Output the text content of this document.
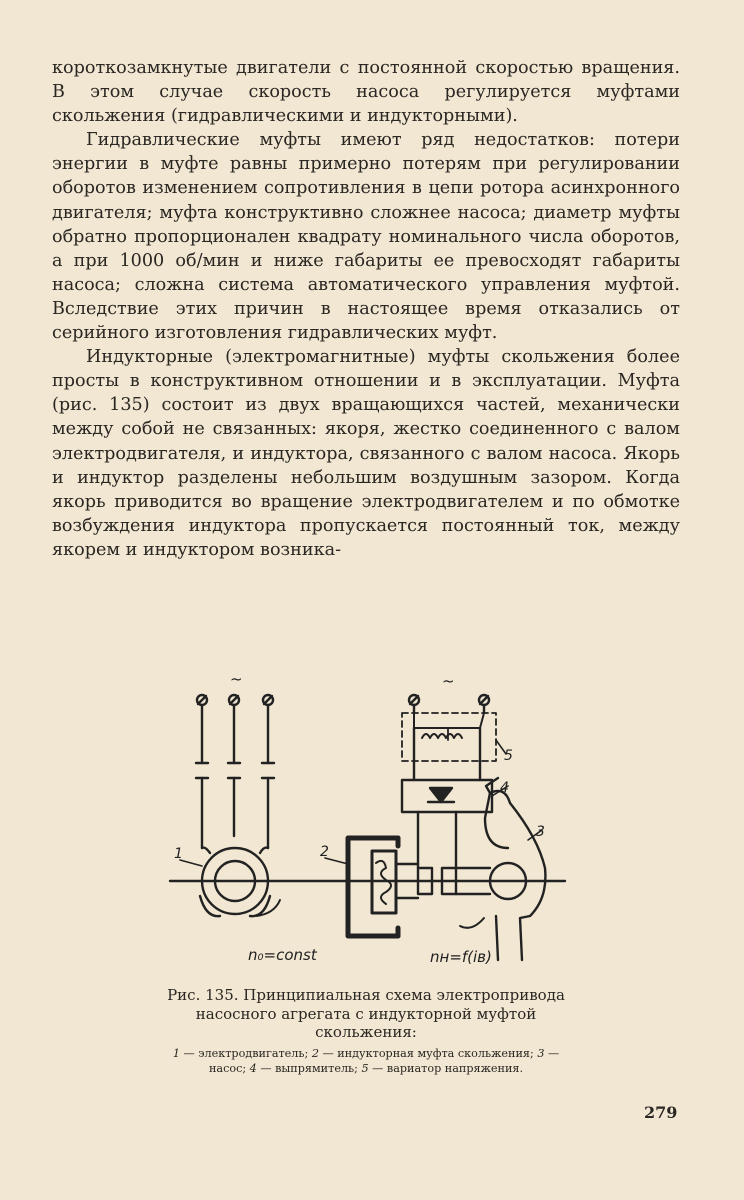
короткозамкнутые двигатели с постоянной скоростью вращения. В этом случае скорость насоса регулируется муфтами скольжения (гидравлическими и индукторными).

Гидравлические муфты имеют ряд недостатков: потери энергии в муфте равны примерно потерям при регулировании оборотов изменением сопротивления в цепи ротора асинхронного двигателя; муфта конструктивно сложнее насоса; диаметр муфты обратно пропорционален квадрату номинального числа оборотов, а при 1000 об/мин и ниже габариты ее превосходят габариты насоса; сложна система автоматического управления муфтой. Вследствие этих причин в настоящее время отказались от серийного изготовления гидравлических муфт.

Индукторные (электромагнитные) муфты скольжения более просты в конструктивном отношении и в эксплуатации. Муфта (рис. 135) состоит из двух вращающихся частей, механически между собой не связанных: якоря, жестко соединенного с валом электродвигателя, и индуктора, связанного с валом насоса. Якорь и индуктор разделены небольшим воздушным зазором. Когда якорь приводится во вращение электродвигателем и по обмотке возбуждения индуктора пропускается постоянный ток, между якорем и индуктором возника-

~	~
1	2
3
4
5
n₀=const	nн=f(iв)
Рис. 135. Принципиальная схема электропривода насосного агрегата с индукторной муфтой скольжения:
1 — электродвигатель; 2 — индукторная муфта скольжения; 3 — насос; 4 — выпрямитель; 5 — вариатор напряжения.
279
